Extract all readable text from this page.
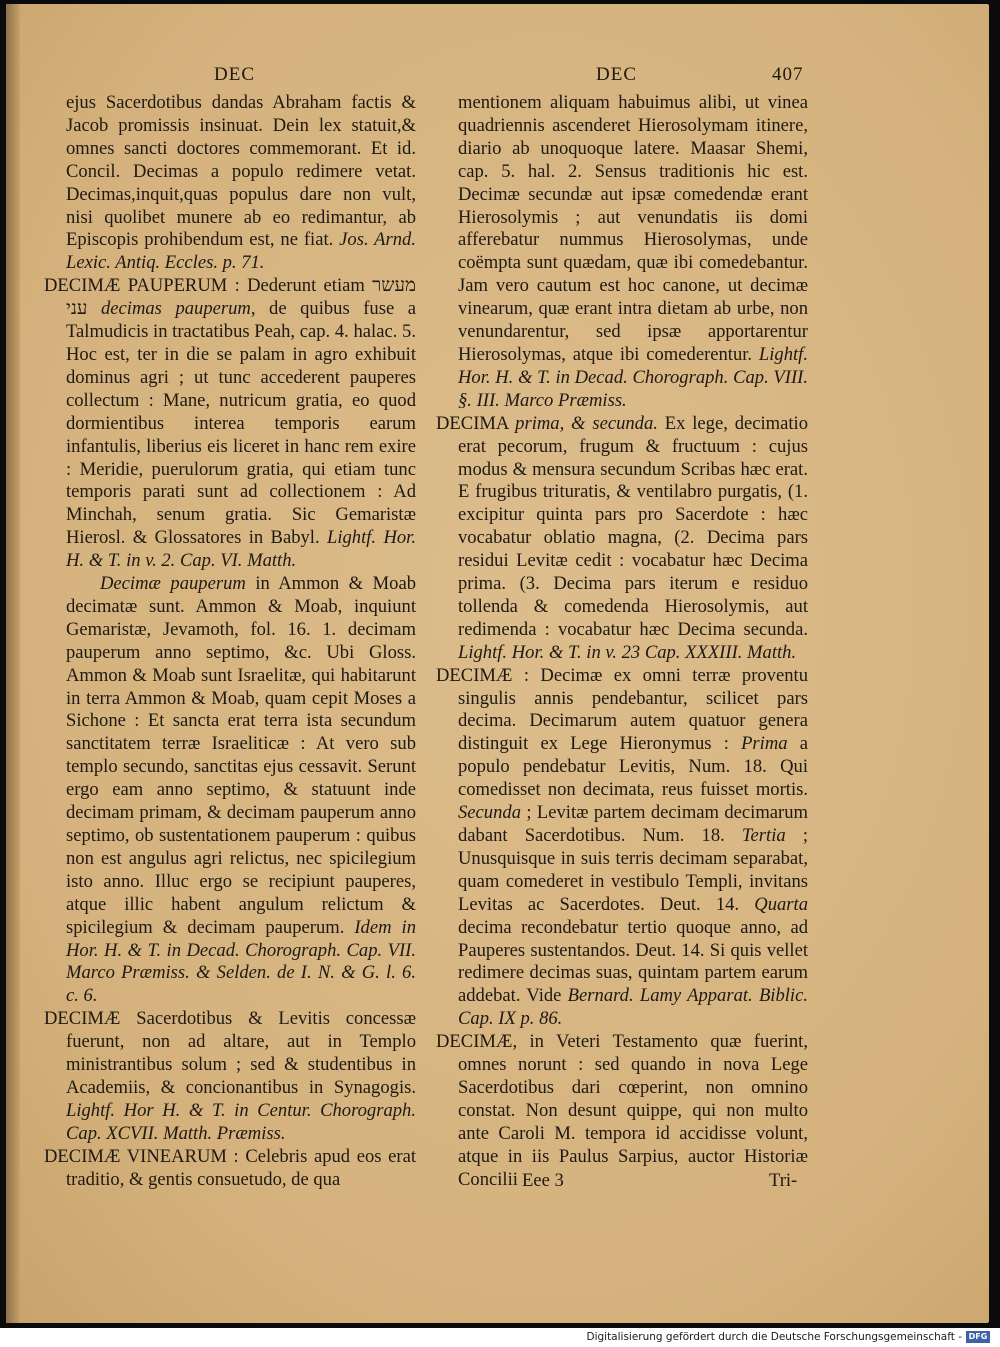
DEC	DEC	407

ejus Sacerdotibus dandas Abraham factis & Jacob promissis insinuat. Dein lex statuit,& omnes sancti doctores commemorant. Et id. Concil. Decimas a populo redimere vetat. Decimas,inquit,quas populus dare non vult, nisi quolibet munere ab eo redimantur, ab Episcopis prohibendum est, ne fiat. Jos. Arnd. Lexic. Antiq. Eccles. p. 71.

DECIMÆ PAUPERUM : Dederunt etiam מעשר עני decimas pauperum, de quibus fuse a Talmudicis in tractatibus Peah, cap. 4. halac. 5. Hoc est, ter in die se palam in agro exhibuit dominus agri ; ut tunc accederent pauperes collectum : Mane, nutricum gratia, eo quod dormientibus interea temporis earum infantulis, liberius eis liceret in hanc rem exire : Meridie, puerulorum gratia, qui etiam tunc temporis parati sunt ad collectionem : Ad Minchah, senum gratia. Sic Gemaristæ Hierosl. & Glossatores in Babyl. Lightf. Hor. H. & T. in v. 2. Cap. VI. Matth.

Decimæ pauperum in Ammon & Moab decimatæ sunt. Ammon & Moab, inquiunt Gemaristæ, Jevamoth, fol. 16. 1. decimam pauperum anno septimo, &c. Ubi Gloss. Ammon & Moab sunt Israelitæ, qui habitarunt in terra Ammon & Moab, quam cepit Moses a Sichone : Et sancta erat terra ista secundum sanctitatem terræ Israeliticæ : At vero sub templo secundo, sanctitas ejus cessavit. Serunt ergo eam anno septimo, & statuunt inde decimam primam, & decimam pauperum anno septimo, ob sustentationem pauperum : quibus non est angulus agri relictus, nec spicilegium isto anno. Illuc ergo se recipiunt pauperes, atque illic habent angulum relictum & spicilegium & decimam pauperum. Idem in Hor. H. & T. in Decad. Chorograph. Cap. VII. Marco Præmiss. & Selden. de I. N. & G. l. 6. c. 6.

DECIMÆ Sacerdotibus & Levitis concessæ fuerunt, non ad altare, aut in Templo ministrantibus solum ; sed & studentibus in Academiis, & concionantibus in Synagogis. Lightf. Hor H. & T. in Centur. Chorograph. Cap. XCVII. Matth. Præmiss.

DECIMÆ VINEARUM : Celebris apud eos erat traditio, & gentis consuetudo, de qua

mentionem aliquam habuimus alibi, ut vinea quadriennis ascenderet Hierosolymam itinere, diario ab unoquoque latere. Maasar Shemi, cap. 5. hal. 2. Sensus traditionis hic est. Decimæ secundæ aut ipsæ comedendæ erant Hierosolymis ; aut venundatis iis domi afferebatur nummus Hierosolymas, unde coëmpta sunt quædam, quæ ibi comedebantur. Jam vero cautum est hoc canone, ut decimæ vinearum, quæ erant intra dietam ab urbe, non venundarentur, sed ipsæ apportarentur Hierosolymas, atque ibi comederentur. Lightf. Hor. H. & T. in Decad. Chorograph. Cap. VIII. §. III. Marco Præmiss.

DECIMA prima, & secunda. Ex lege, decimatio erat pecorum, frugum & fructuum : cujus modus & mensura secundum Scribas hæc erat. E frugibus trituratis, & ventilabro purgatis, (1. excipitur quinta pars pro Sacerdote : hæc vocabatur oblatio magna, (2. Decima pars residui Levitæ cedit : vocabatur hæc Decima prima. (3. Decima pars iterum e residuo tollenda & comedenda Hierosolymis, aut redimenda : vocabatur hæc Decima secunda. Lightf. Hor. & T. in v. 23 Cap. XXXIII. Matth.

DECIMÆ : Decimæ ex omni terræ proventu singulis annis pendebantur, scilicet pars decima. Decimarum autem quatuor genera distinguit ex Lege Hieronymus : Prima a populo pendebatur Levitis, Num. 18. Qui comedisset non decimata, reus fuisset mortis. Secunda ; Levitæ partem decimam decimarum dabant Sacerdotibus. Num. 18. Tertia ; Unusquisque in suis terris decimam separabat, quam comederet in vestibulo Templi, invitans Levitas ac Sacerdotes. Deut. 14. Quarta decima recondebatur tertio quoque anno, ad Pauperes sustentandos. Deut. 14. Si quis vellet redimere decimas suas, quintam partem earum addebat. Vide Bernard. Lamy Apparat. Biblic. Cap. IX p. 86.

DECIMÆ, in Veteri Testamento quæ fuerint, omnes norunt : sed quando in nova Lege Sacerdotibus dari cœperint, non omnino constat. Non desunt quippe, qui non multo ante Caroli M. tempora id accidisse volunt, atque in iis Paulus Sarpius, auctor Historiæ Concilii Eee 3	Tri-
Digitalisierung gefördert durch die Deutsche Forschungsgemeinschaft - DFG
